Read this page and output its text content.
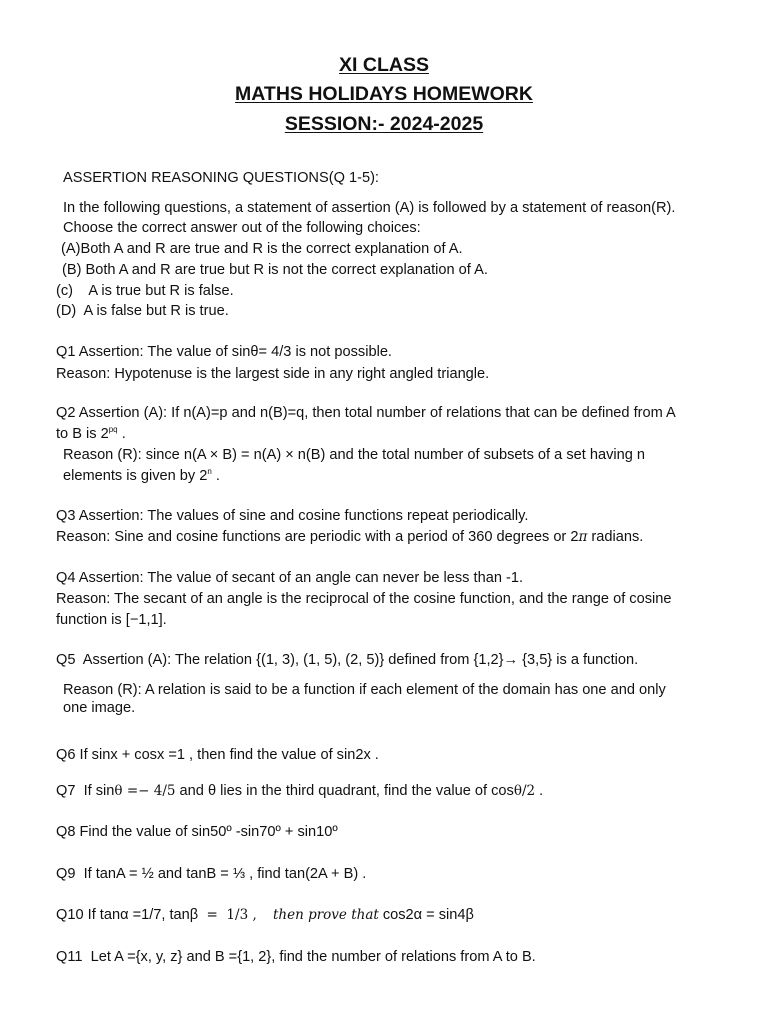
XI CLASS
MATHS HOLIDAYS HOMEWORK
SESSION:- 2024-2025
ASSERTION REASONING QUESTIONS(Q 1-5):
In the following questions, a statement of assertion (A) is followed by a statement of reason(R).
Choose the correct answer out of the following choices:
(A)Both A and R are true and R is the correct explanation of A.
(B) Both A and R are true but R is not the correct explanation of A.
(c)    A is true but R is false.
(D)  A is false but R is true.
Q1 Assertion: The value of sinθ= 4/3 is not possible.
Reason: Hypotenuse is the largest side in any right angled triangle.
Q2 Assertion (A): If n(A)=p and n(B)=q, then total number of relations that can be defined from A
to B is $2^{pq}$ .
Reason (R): since n(A × B) = n(A) × n(B) and the total number of subsets of a set having n
elements is given by 2$^n$ .
Q3 Assertion: The values of sine and cosine functions repeat periodically.
Reason: Sine and cosine functions are periodic with a period of 360 degrees or 2π radians.
Q4 Assertion: The value of secant of an angle can never be less than -1.
Reason: The secant of an angle is the reciprocal of the cosine function, and the range of cosine
function is [−1,1].
Q5  Assertion (A): The relation {(1, 3), (1, 5), (2, 5)} defined from {1,2}→ {3,5} is a function.
Reason (R): A relation is said to be a function if each element of the domain has one and only
one image.
Q6 If sinx + cosx =1 , then find the value of sin2x .
Q7  If sinθ =− 4/5 and θ lies in the third quadrant, find the value of cosθ/2 .
Q8 Find the value of sin50º -sin70º + sin10º
Q9  If tanA = ½ and tanB = ⅓ , find tan(2A + B) .
Q10 If tanα =1/7, tanβ  =  1/3 , then prove that cos2α = sin4β
Q11  Let A ={x, y, z} and B ={1, 2}, find the number of relations from A to B.
